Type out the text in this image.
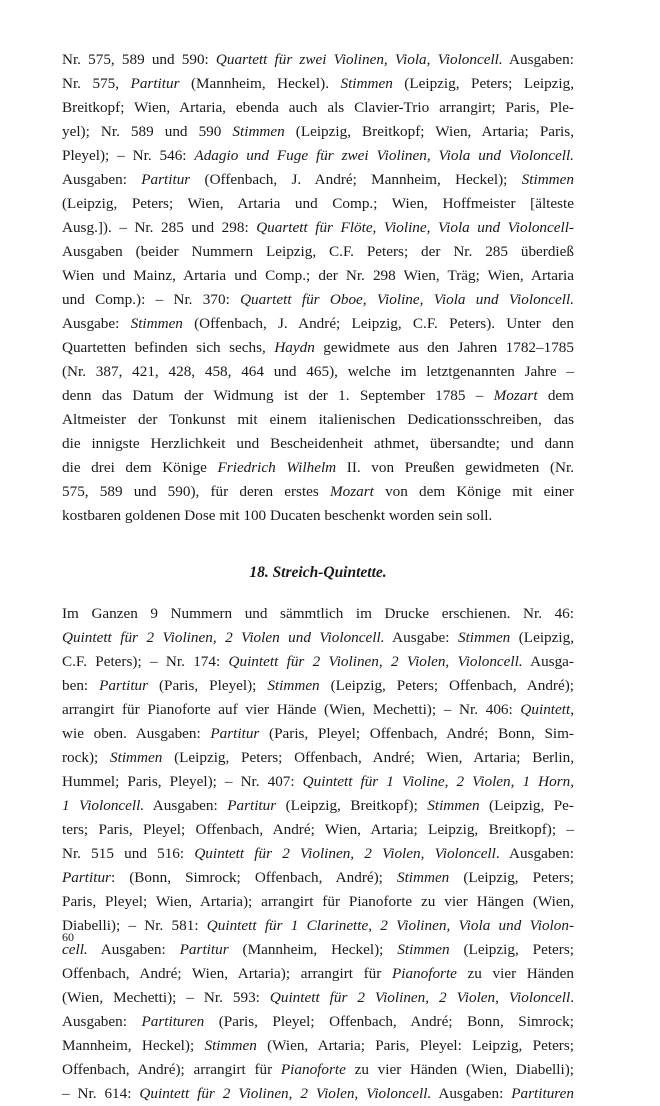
Nr. 575, 589 und 590: Quartett für zwei Violinen, Viola, Violoncell. Ausgaben:
Nr. 575, Partitur (Mannheim, Heckel). Stimmen (Leipzig, Peters; Leipzig,
Breitkopf; Wien, Artaria, ebenda auch als Clavier-Trio arrangirt; Paris, Ple-
yel); Nr. 589 und 590 Stimmen (Leipzig, Breitkopf; Wien, Artaria; Paris,
Pleyel); – Nr. 546: Adagio und Fuge für zwei Violinen, Viola und Violoncell.
Ausgaben: Partitur (Offenbach, J. André; Mannheim, Heckel); Stimmen
(Leipzig, Peters; Wien, Artaria und Comp.; Wien, Hoffmeister [älteste
Ausg.]). – Nr. 285 und 298: Quartett für Flöte, Violine, Viola und Violoncell-
Ausgaben (beider Nummern Leipzig, C.F. Peters; der Nr. 285 überdieß
Wien und Mainz, Artaria und Comp.; der Nr. 298 Wien, Träg; Wien, Artaria
und Comp.): – Nr. 370: Quartett für Oboe, Violine, Viola und Violoncell.
Ausgabe: Stimmen (Offenbach, J. André; Leipzig, C.F. Peters). Unter den
Quartetten befinden sich sechs, Haydn gewidmete aus den Jahren 1782–1785
(Nr. 387, 421, 428, 458, 464 und 465), welche im letztgenannten Jahre –
denn das Datum der Widmung ist der 1. September 1785 – Mozart dem
Altmeister der Tonkunst mit einem italienischen Dedicationsschreiben, das
die innigste Herzlichkeit und Bescheidenheit athmet, übersandte; und dann
die drei dem Könige Friedrich Wilhelm II. von Preußen gewidmeten (Nr.
575, 589 und 590), für deren erstes Mozart von dem Könige mit einer
kostbaren goldenen Dose mit 100 Ducaten beschenkt worden sein soll.
18. Streich-Quintette.
Im Ganzen 9 Nummern und sämmtlich im Drucke erschienen. Nr. 46:
Quintett für 2 Violinen, 2 Violen und Violoncell. Ausgabe: Stimmen (Leipzig,
C.F. Peters); – Nr. 174: Quintett für 2 Violinen, 2 Violen, Violoncell. Ausga-
ben: Partitur (Paris, Pleyel); Stimmen (Leipzig, Peters; Offenbach, André);
arrangirt für Pianoforte auf vier Hände (Wien, Mechetti); – Nr. 406: Quintett,
wie oben. Ausgaben: Partitur (Paris, Pleyel; Offenbach, André; Bonn, Sim-
rock); Stimmen (Leipzig, Peters; Offenbach, André; Wien, Artaria; Berlin,
Hummel; Paris, Pleyel); – Nr. 407: Quintett für 1 Violine, 2 Violen, 1 Horn,
1 Violoncell. Ausgaben: Partitur (Leipzig, Breitkopf); Stimmen (Leipzig, Pe-
ters; Paris, Pleyel; Offenbach, André; Wien, Artaria; Leipzig, Breitkopf); –
Nr. 515 und 516: Quintett für 2 Violinen, 2 Violen, Violoncell. Ausgaben:
Partitur: (Bonn, Simrock; Offenbach, André); Stimmen (Leipzig, Peters;
Paris, Pleyel; Wien, Artaria); arrangirt für Pianoforte zu vier Hängen (Wien,
Diabelli); – Nr. 581: Quintett für 1 Clarinette, 2 Violinen, Viola und Violon-
cell. Ausgaben: Partitur (Mannheim, Heckel); Stimmen (Leipzig, Peters;
Offenbach, André; Wien, Artaria); arrangirt für Pianoforte zu vier Händen
(Wien, Mechetti); – Nr. 593: Quintett für 2 Violinen, 2 Violen, Violoncell.
Ausgaben: Partituren (Paris, Pleyel; Offenbach, André; Bonn, Simrock;
Mannheim, Heckel); Stimmen (Wien, Artaria; Paris, Pleyel: Leipzig, Peters;
Offenbach, André); arrangirt für Pianoforte zu vier Händen (Wien, Diabelli);
– Nr. 614: Quintett für 2 Violinen, 2 Violen, Violoncell. Ausgaben: Partituren
60
